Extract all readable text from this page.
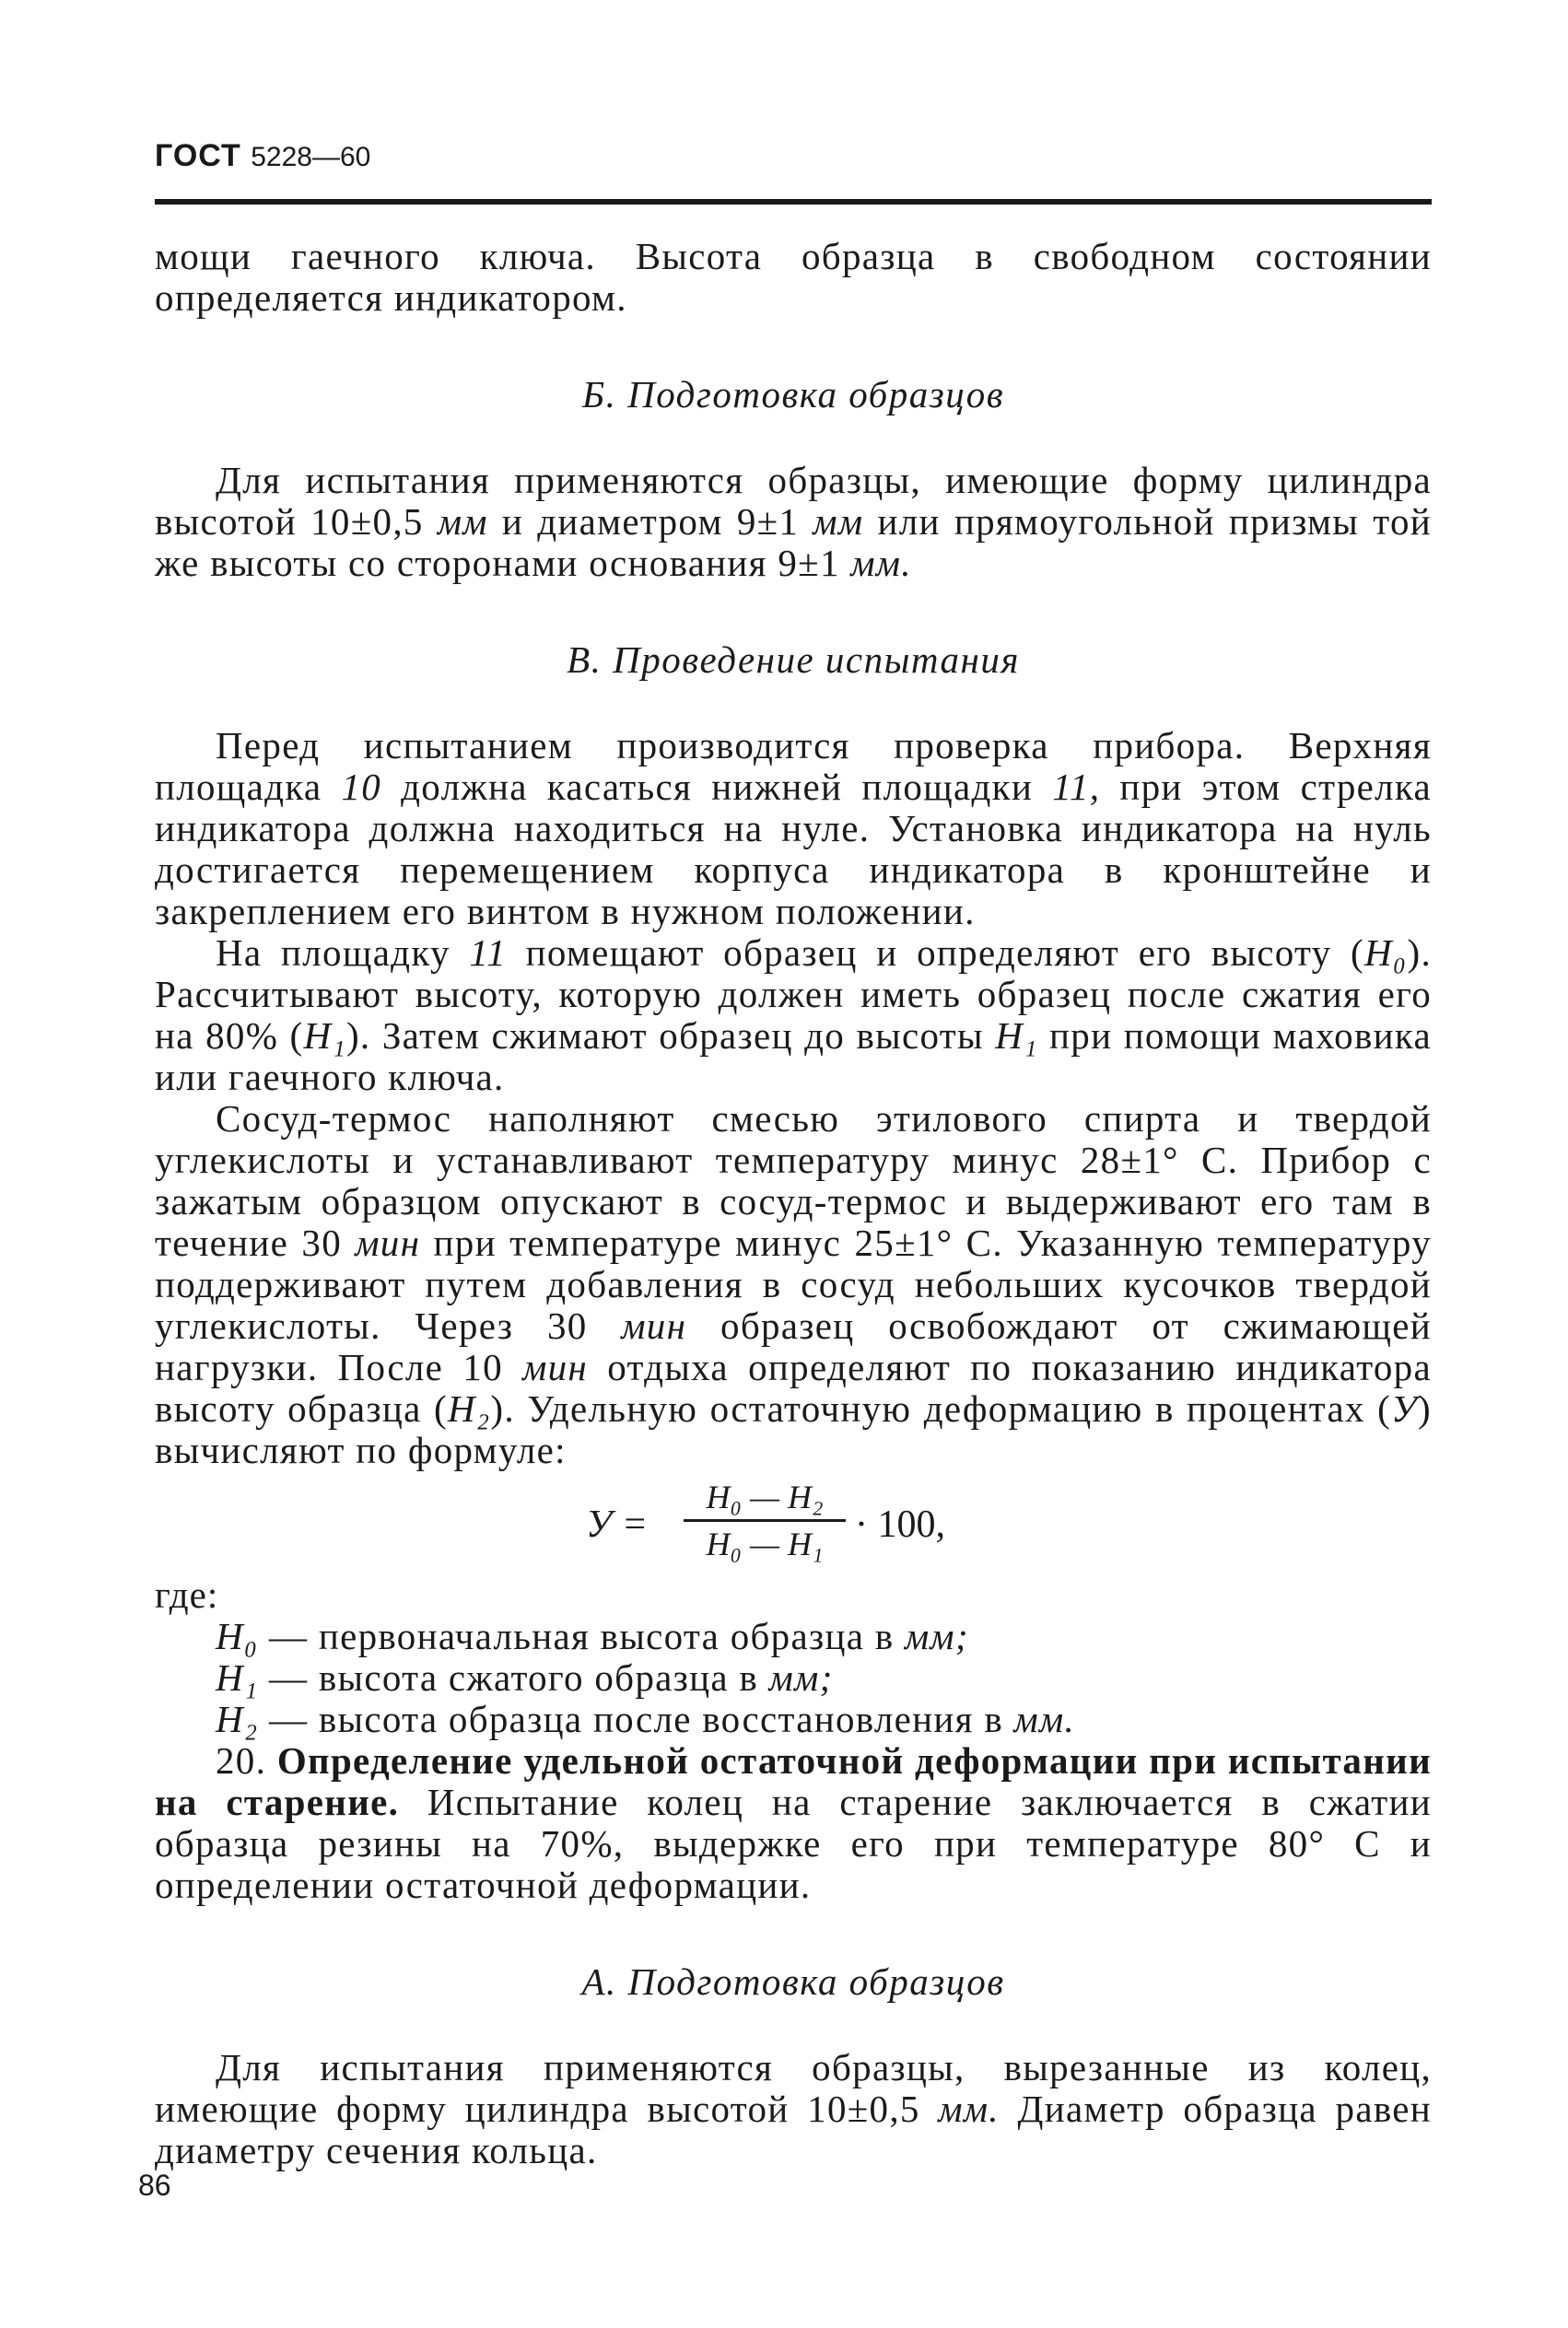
ГОСТ 5228—60

мощи гаечного ключа. Высота образца в свободном состоянии определяется индикатором.

Б. Подготовка образцов

Для испытания применяются образцы, имеющие форму цилиндра высотой 10±0,5 мм и диаметром 9±1 мм или прямоугольной призмы той же высоты со сторонами основания 9±1 мм.

В. Проведение испытания

Перед испытанием производится проверка прибора. Верхняя площадка 10 должна касаться нижней площадки 11, при этом стрелка индикатора должна находиться на нуле. Установка индикатора на нуль достигается перемещением корпуса индикатора в кронштейне и закреплением его винтом в нужном положении.

На площадку 11 помещают образец и определяют его высоту (H₀). Рассчитывают высоту, которую должен иметь образец после сжатия его на 80% (H₁). Затем сжимают образец до высоты H₁ при помощи маховика или гаечного ключа.

Сосуд-термос наполняют смесью этилового спирта и твердой углекислоты и устанавливают температуру минус 28±1° С. Прибор с зажатым образцом опускают в сосуд-термос и выдерживают его там в течение 30 мин при температуре минус 25±1° С. Указанную температуру поддерживают путем добавления в сосуд небольших кусочков твердой углекислоты. Через 30 мин образец освобождают от сжимающей нагрузки. После 10 мин отдыха определяют по показанию индикатора высоту образца (H₂). Удельную остаточную деформацию в процентах (У) вычисляют по формуле:

У =
H₀ — H₂
H₀ — H₁ · 100,
где:
H₀ — первоначальная высота образца в мм;
H₁ — высота сжатого образца в мм;
H₂ — высота образца после восстановления в мм.

20. Определение удельной остаточной деформации при испытании на старение. Испытание колец на старение заключается в сжатии образца резины на 70%, выдержке его при температуре 80° С и определении остаточной деформации.

А. Подготовка образцов

Для испытания применяются образцы, вырезанные из колец, имеющие форму цилиндра высотой 10±0,5 мм. Диаметр образца равен диаметру сечения кольца.

86
